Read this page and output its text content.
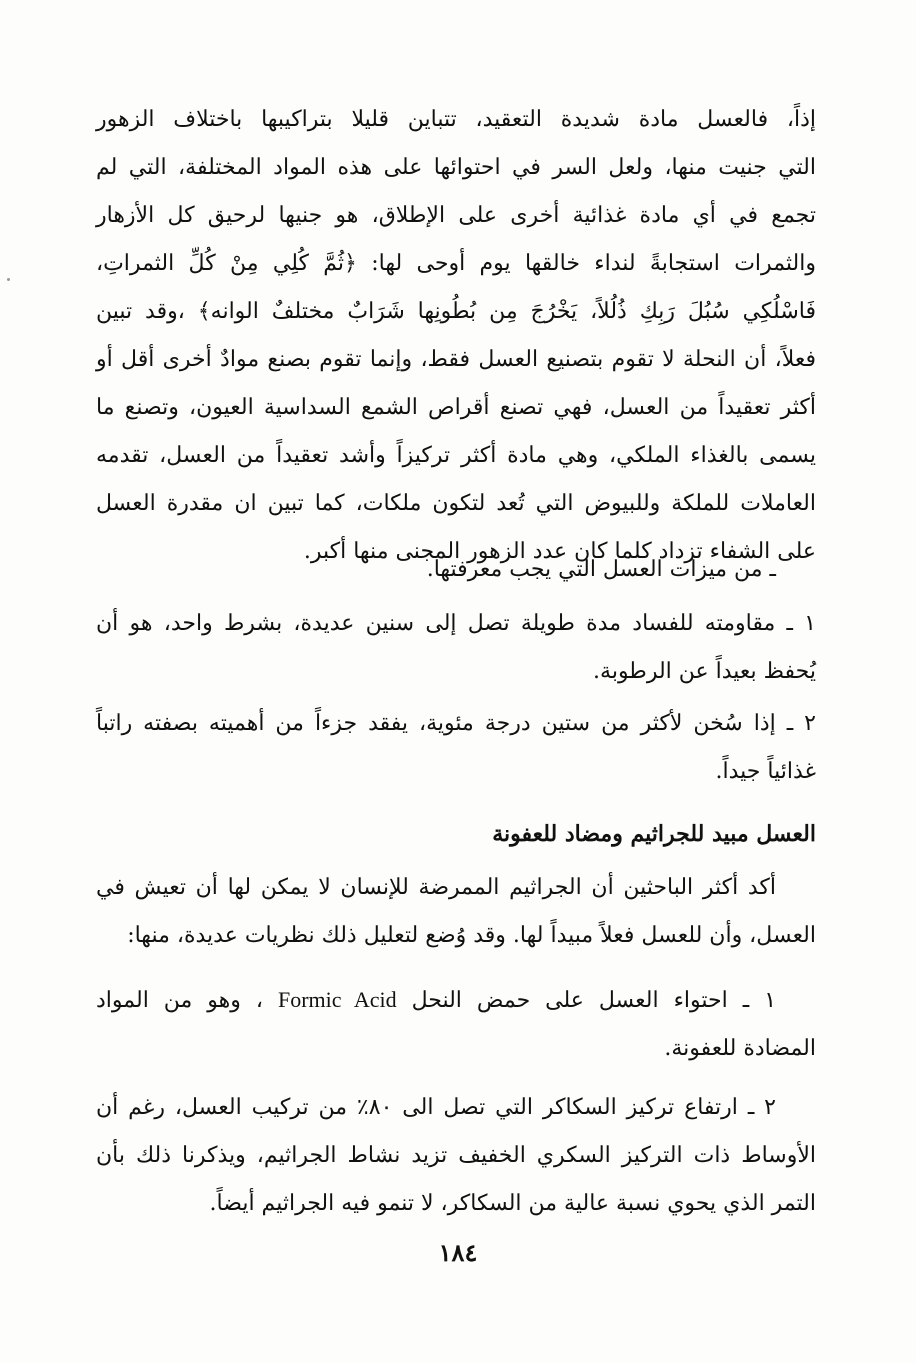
إذاً، فالعسل مادة شديدة التعقيد، تتباين قليلا بتراكيبها باختلاف الزهور
التي جنيت منها، ولعل السر في احتوائها على هذه المواد المختلفة، التي لم
تجمع في أي مادة غذائية أخرى على الإطلاق، هو جنيها لرحيق كل الأزهار
والثمرات استجابةً لنداء خالقها يوم أوحى لها: ﴿ثُمَّ كُلِي مِنْ كُلِّ الثمراتِ،
فَاسْلُكِي سُبُلَ رَبِكِ ذُلُلاً، يَخْرُجَ مِن بُطُونِها شَرَابٌ مختلفٌ الوانه﴾ ،وقد تبين
فعلاً، أن النحلة لا تقوم بتصنيع العسل فقط، وإنما تقوم بصنع موادٌ أخرى أقل أو
أكثر تعقيداً من العسل، فهي تصنع أقراص الشمع السداسية العيون، وتصنع ما
يسمى بالغذاء الملكي، وهي مادة أكثر تركيزاً وأشد تعقيداً من العسل، تقدمه
العاملات للملكة وللبيوض التي تُعد لتكون ملكات، كما تبين ان مقدرة العسل
على الشفاء تزداد كلما كان عدد الزهور المجنى منها أكبر.
ـ من ميزات العسل التي يجب معرفتها.
١ ـ مقاومته للفساد مدة طويلة تصل إلى سنين عديدة، بشرط واحد، هو أن
يُحفظ بعيداً عن الرطوبة.
٢ ـ إذا سُخن لأكثر من ستين درجة مئوية، يفقد جزءاً من أهميته بصفته راتباً
غذائياً جيداً.
العسل مبيد للجراثيم ومضاد للعفونة
أكد أكثر الباحثين أن الجراثيم الممرضة للإنسان لا يمكن لها أن تعيش في
العسل، وأن للعسل فعلاً مبيداً لها. وقد وُضع لتعليل ذلك نظريات عديدة، منها:
١ ـ احتواء العسل على حمض النحل Formic Acid ، وهو من المواد
المضادة للعفونة.
٢ ـ ارتفاع تركيز السكاكر التي تصل الى ٨٠٪ من تركيب العسل، رغم أن
الأوساط ذات التركيز السكري الخفيف تزيد نشاط الجراثيم، ويذكرنا ذلك بأن
التمر الذي يحوي نسبة عالية من السكاكر، لا تنمو فيه الجراثيم أيضاً.
١٨٤
